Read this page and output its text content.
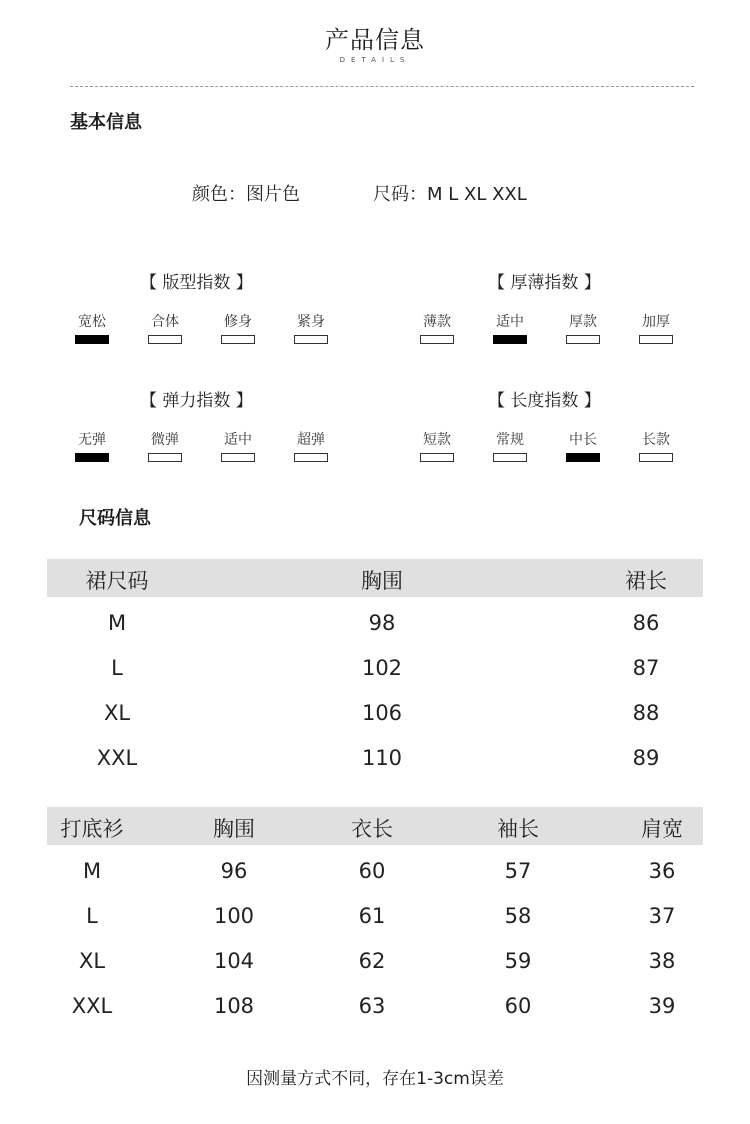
产品信息
DETAILS
基本信息
颜色：图片色	尺码：M L XL XXL
【 版型指数 】
宽松	合体	修身	紧身
【 厚薄指数 】
薄款	适中	厚款	加厚
【 弹力指数 】
无弹	微弹	适中	超弹
【 长度指数 】
短款	常规	中长	长款
尺码信息
裙尺码	胸围	裙长
M	98	86
L	102	87
XL	106	88
XXL	110	89
打底衫	胸围	衣长	袖长	肩宽
M	96	60	57	36
L	100	61	58	37
XL	104	62	59	38
XXL	108	63	60	39
因测量方式不同，存在1-3cm误差
